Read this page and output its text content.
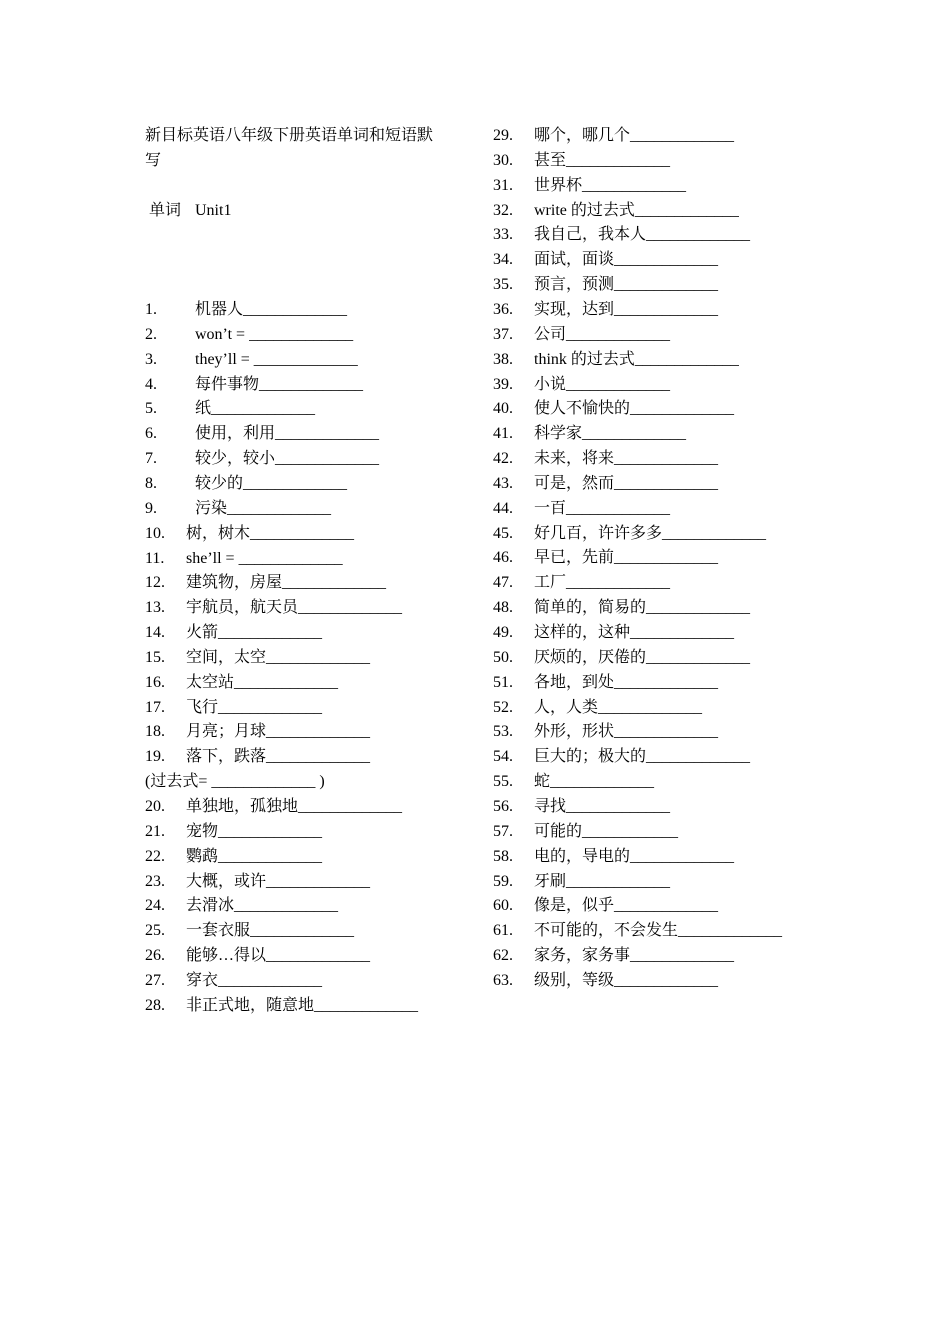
新目标英语八年级下册英语单词和短语默
写
单词 Unit1
1. 机器人_____________
2. won’t = _____________
3. they’ll = _____________
4. 每件事物_____________
5. 纸_____________
6. 使用，利用_____________
7. 较少，较小_____________
8. 较少的_____________
9. 污染_____________
10. 树，树木_____________
11. she’ll = _____________
12. 建筑物，房屋_____________
13. 宇航员，航天员_____________
14. 火箭_____________
15. 空间，太空_____________
16. 太空站_____________
17. 飞行_____________
18. 月亮；月球_____________
19. 落下，跌落_____________
(过去式= _____________ )
20. 单独地，孤独地_____________
21. 宠物_____________
22. 鹦鹉_____________
23. 大概，或许_____________
24. 去滑冰_____________
25. 一套衣服_____________
26. 能够…得以_____________
27. 穿衣_____________
28. 非正式地，随意地_____________
29. 哪个，哪几个_____________
30. 甚至_____________
31. 世界杯_____________
32. write 的过去式_____________
33. 我自己，我本人_____________
34. 面试，面谈_____________
35. 预言，预测_____________
36. 实现，达到_____________
37. 公司_____________
38. think 的过去式_____________
39. 小说_____________
40. 使人不愉快的_____________
41. 科学家_____________
42. 未来，将来_____________
43. 可是，然而_____________
44. 一百_____________
45. 好几百，许许多多_____________
46. 早已，先前_____________
47. 工厂_____________
48. 简单的，简易的_____________
49. 这样的，这种_____________
50. 厌烦的，厌倦的_____________
51. 各地，到处_____________
52. 人，人类_____________
53. 外形，形状_____________
54. 巨大的；极大的_____________
55. 蛇_____________
56. 寻找_____________
57. 可能的____________
58. 电的，导电的_____________
59. 牙刷_____________
60. 像是，似乎_____________
61. 不可能的，不会发生_____________
62. 家务，家务事_____________
63. 级别，等级_____________
